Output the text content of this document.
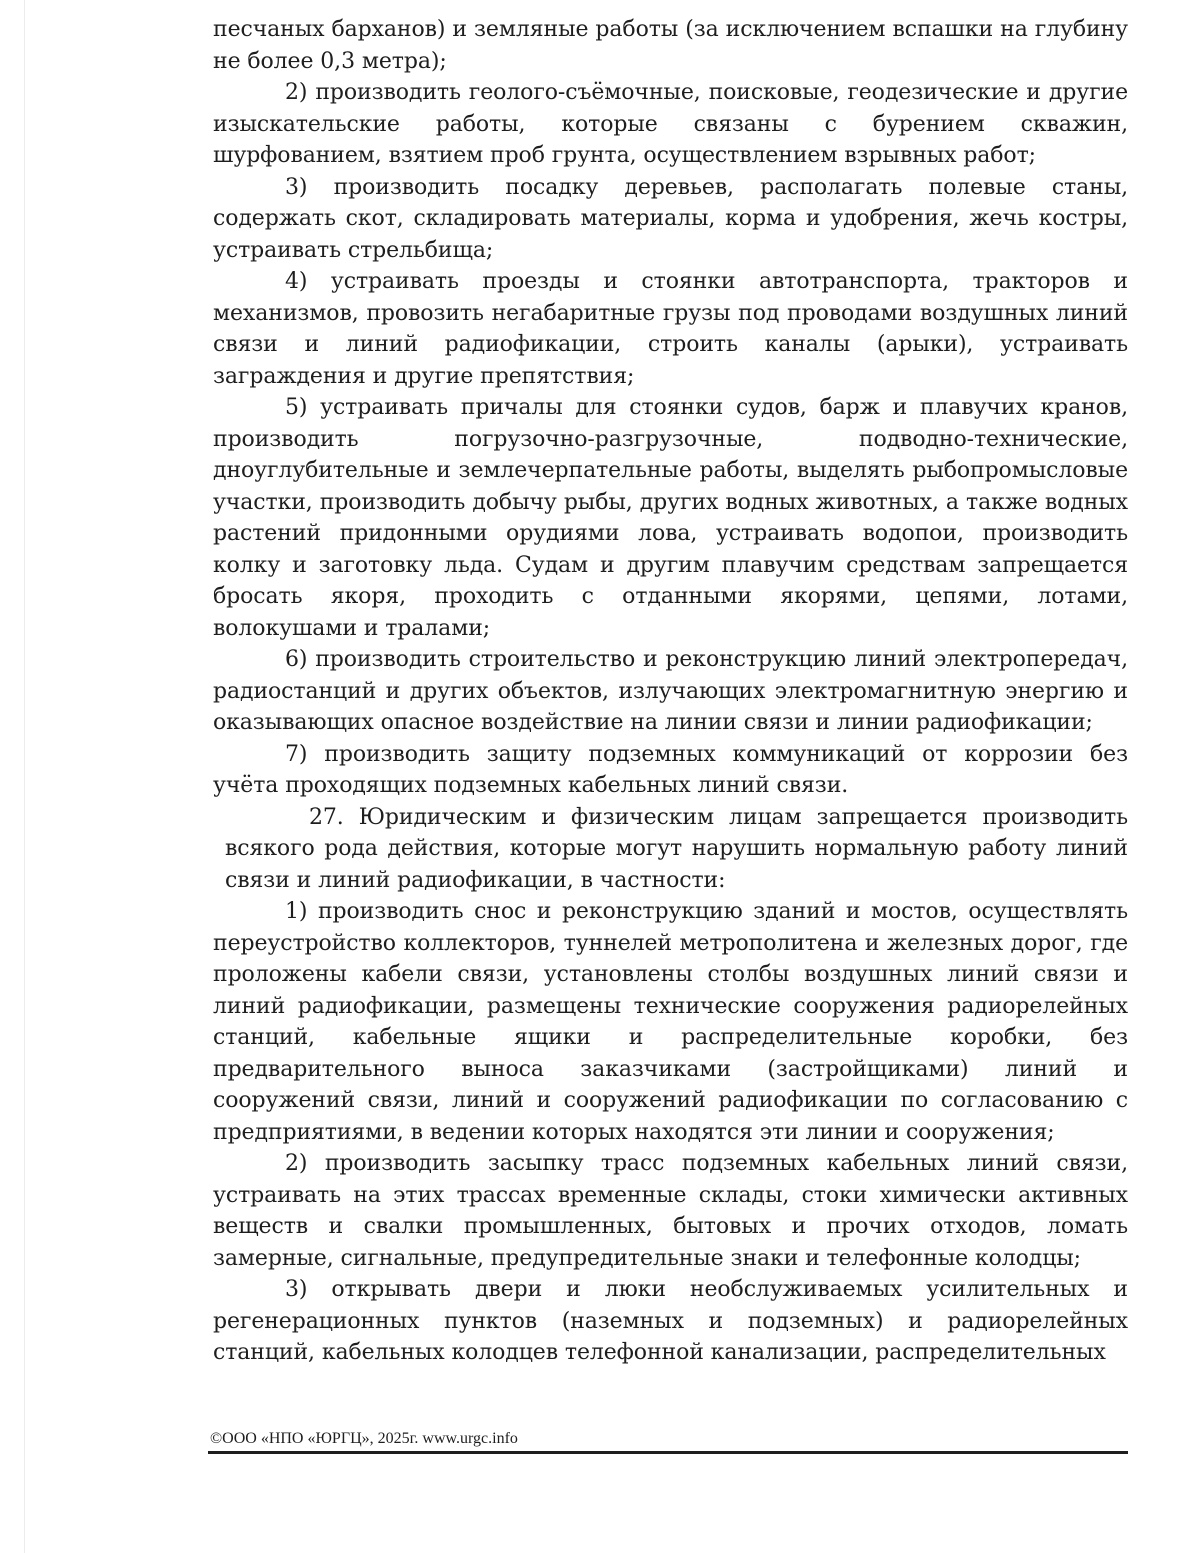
песчаных барханов) и земляные работы (за исключением вспашки на глубину не более 0,3 метра);

2) производить геолого-съёмочные, поисковые, геодезические и другие изыскательские работы, которые связаны с бурением скважин, шурфованием, взятием проб грунта, осуществлением взрывных работ;

3) производить посадку деревьев, располагать полевые станы, содержать скот, складировать материалы, корма и удобрения, жечь костры, устраивать стрельбища;

4) устраивать проезды и стоянки автотранспорта, тракторов и механизмов, провозить негабаритные грузы под проводами воздушных линий связи и линий радиофикации, строить каналы (арыки), устраивать заграждения и другие препятствия;

5) устраивать причалы для стоянки судов, барж и плавучих кранов, производить погрузочно-разгрузочные, подводно-технические, дноуглубительные и землечерпательные работы, выделять рыбопромысловые участки, производить добычу рыбы, других водных животных, а также водных растений придонными орудиями лова, устраивать водопои, производить колку и заготовку льда. Судам и другим плавучим средствам запрещается бросать якоря, проходить с отданными якорями, цепями, лотами, волокушами и тралами;

6) производить строительство и реконструкцию линий электропередач, радиостанций и других объектов, излучающих электромагнитную энергию и оказывающих опасное воздействие на линии связи и линии радиофикации;

7) производить защиту подземных коммуникаций от коррозии без учёта проходящих подземных кабельных линий связи.

27. Юридическим и физическим лицам запрещается производить всякого рода действия, которые могут нарушить нормальную работу линий связи и линий радиофикации, в частности:

1) производить снос и реконструкцию зданий и мостов, осуществлять переустройство коллекторов, туннелей метрополитена и железных дорог, где проложены кабели связи, установлены столбы воздушных линий связи и линий радиофикации, размещены технические сооружения радиорелейных станций, кабельные ящики и распределительные коробки, без предварительного выноса заказчиками (застройщиками) линий и сооружений связи, линий и сооружений радиофикации по согласованию с предприятиями, в ведении которых находятся эти линии и сооружения;

2) производить засыпку трасс подземных кабельных линий связи, устраивать на этих трассах временные склады, стоки химически активных веществ и свалки промышленных, бытовых и прочих отходов, ломать замерные, сигнальные, предупредительные знаки и телефонные колодцы;

3) открывать двери и люки необслуживаемых усилительных и регенерационных пунктов (наземных и подземных) и радиорелейных станций, кабельных колодцев телефонной канализации, распределительных

©ООО «НПО «ЮРГЦ», 2025г. www.urgc.info
